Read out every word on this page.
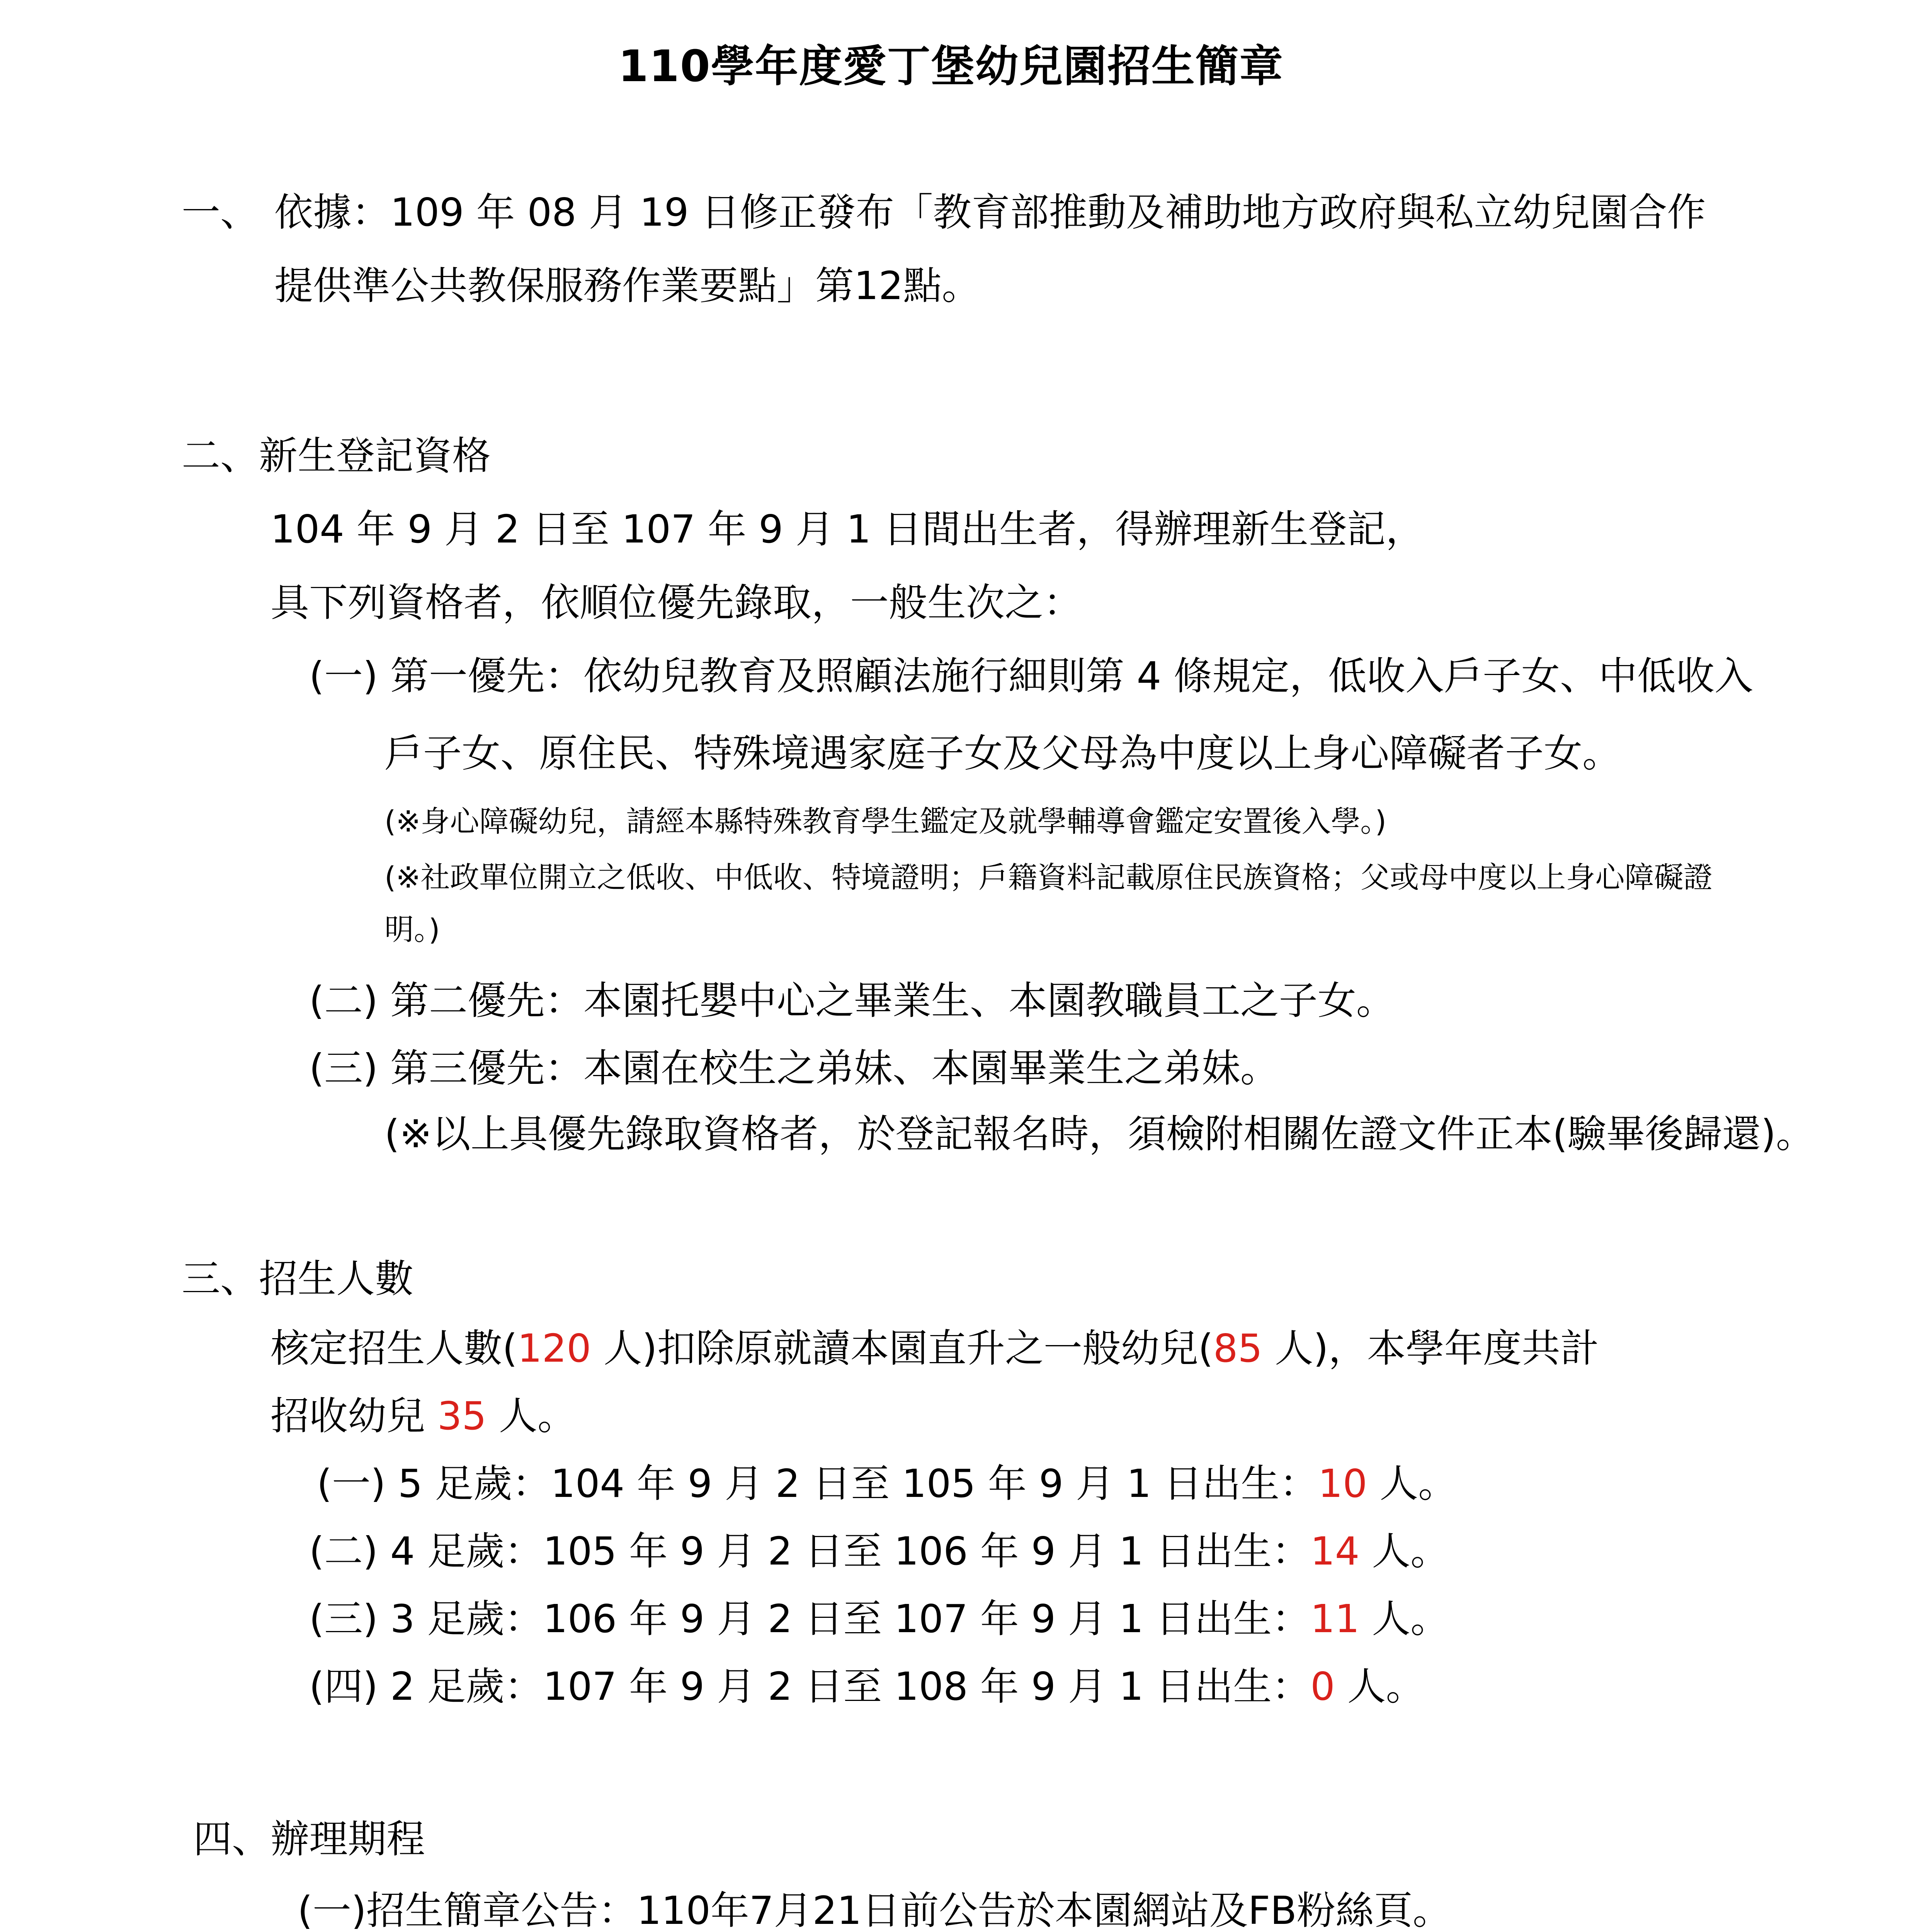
110學年度愛丁堡幼兒園招生簡章
一、 依據：109 年 08 月 19 日修正發布「教育部推動及補助地方政府與私立幼兒園合作
提供準公共教保服務作業要點」第12點。
二、新生登記資格
104 年 9 月 2 日至 107 年 9 月 1 日間出生者，得辦理新生登記，
具下列資格者，依順位優先錄取，一般生次之：
(一) 第一優先：依幼兒教育及照顧法施行細則第 4 條規定，低收入戶子女、中低收入
戶子女、原住民、特殊境遇家庭子女及父母為中度以上身心障礙者子女。
(※身心障礙幼兒，請經本縣特殊教育學生鑑定及就學輔導會鑑定安置後入學。)
(※社政單位開立之低收、中低收、特境證明；戶籍資料記載原住民族資格；父或母中度以上身心障礙證
明。)
(二) 第二優先：本園托嬰中心之畢業生、本園教職員工之子女。
(三) 第三優先：本園在校生之弟妹、本園畢業生之弟妹。
(※以上具優先錄取資格者，於登記報名時，須檢附相關佐證文件正本(驗畢後歸還)。
三、招生人數
核定招生人數(120 人)扣除原就讀本園直升之一般幼兒(85 人)，本學年度共計
招收幼兒 35 人。
(一) 5 足歲：104 年 9 月 2 日至 105 年 9 月 1 日出生：10 人。
(二) 4 足歲：105 年 9 月 2 日至 106 年 9 月 1 日出生：14 人。
(三) 3 足歲：106 年 9 月 2 日至 107 年 9 月 1 日出生：11 人。
(四) 2 足歲：107 年 9 月 2 日至 108 年 9 月 1 日出生：0 人。
四、辦理期程
(一)招生簡章公告：110年7月21日前公告於本園網站及FB粉絲頁。
